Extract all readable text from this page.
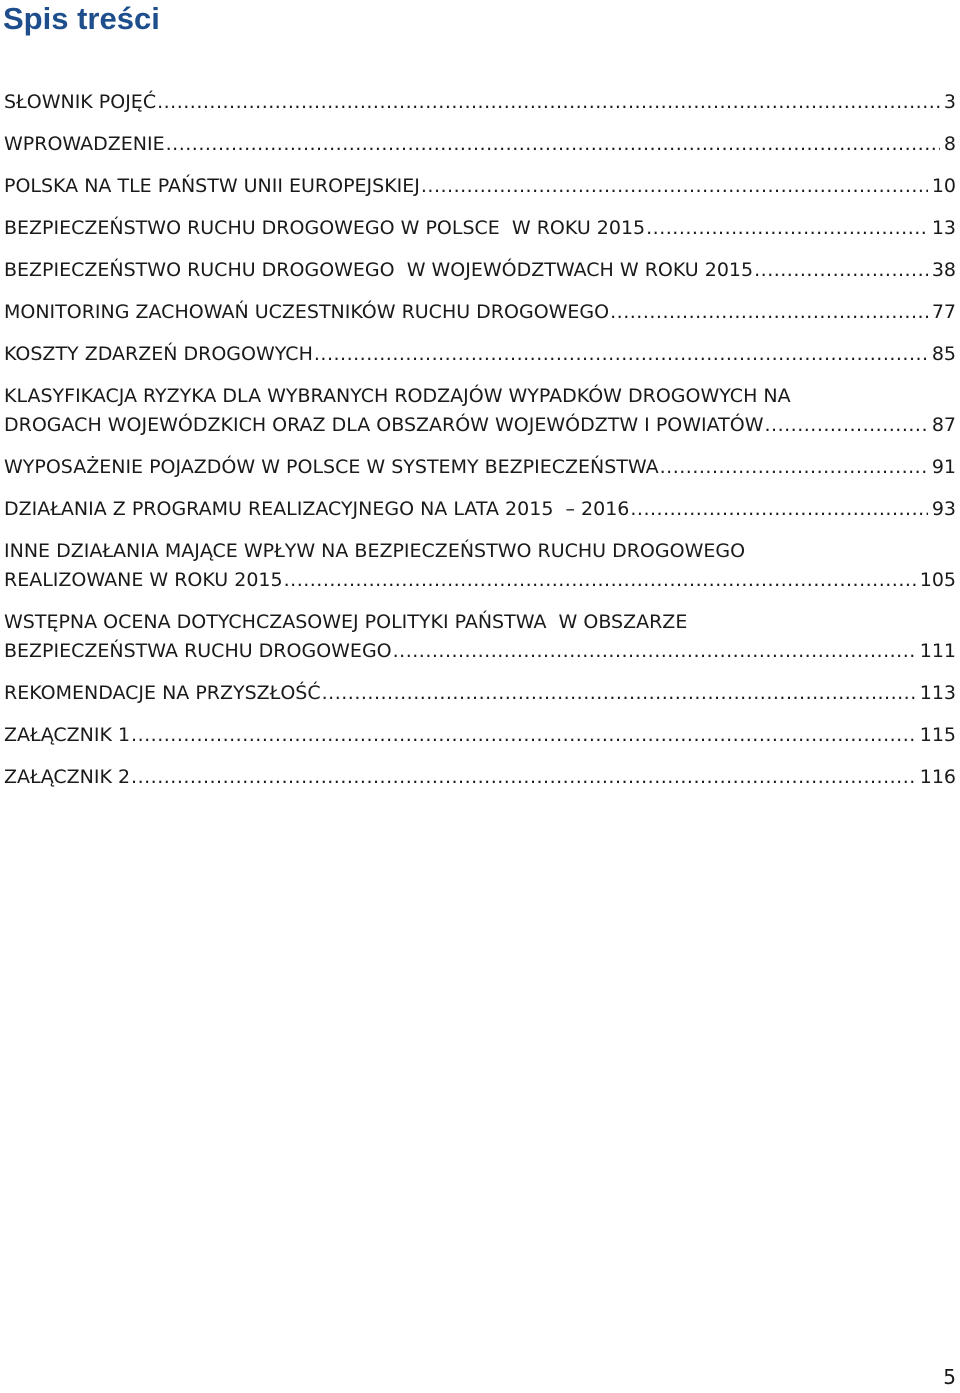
Spis treści
SŁOWNIK POJĘĆ .....	3
WPROWADZENIE .....	8
POLSKA NA TLE PAŃSTW UNII EUROPEJSKIEJ .....	10
BEZPIECZEŃSTWO RUCHU DROGOWEGO W POLSCE  W ROKU 2015 .....	13
BEZPIECZEŃSTWO RUCHU DROGOWEGO  W WOJEWÓDZTWACH W ROKU 2015 .....	38
MONITORING ZACHOWAŃ UCZESTNIKÓW RUCHU DROGOWEGO .....	77
KOSZTY ZDARZEŃ DROGOWYCH .....	85
KLASYFIKACJA RYZYKA DLA WYBRANYCH RODZAJÓW WYPADKÓW DROGOWYCH NA
DROGACH WOJEWÓDZKICH ORAZ DLA OBSZARÓW WOJEWÓDZTW I POWIATÓW .....	87
WYPOSAŻENIE POJAZDÓW W POLSCE W SYSTEMY BEZPIECZEŃSTWA .....	91
DZIAŁANIA Z PROGRAMU REALIZACYJNEGO NA LATA 2015  – 2016 .....	93
INNE DZIAŁANIA MAJĄCE WPŁYW NA BEZPIECZEŃSTWO RUCHU DROGOWEGO
REALIZOWANE W ROKU 2015 .....	105
WSTĘPNA OCENA DOTYCHCZASOWEJ POLITYKI PAŃSTWA  W OBSZARZE
BEZPIECZEŃSTWA RUCHU DROGOWEGO .....	111
REKOMENDACJE NA PRZYSZŁOŚĆ .....	113
ZAŁĄCZNIK 1 .....	115
ZAŁĄCZNIK 2 .....	116
5
